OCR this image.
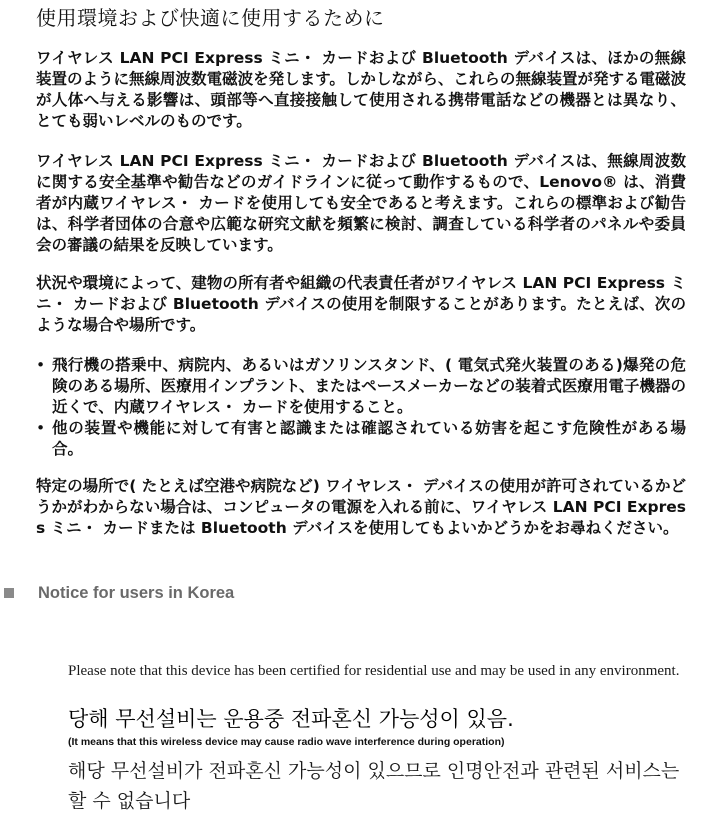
使用環境および快適に使用するために
ワイヤレス LAN PCI Express ミニ・ カードおよび Bluetooth デバイスは、ほかの無線装置のように無線周波数電磁波を発します。しかしながら、これらの無線装置が発する電磁波が人体へ与える影響は、頭部等へ直接接触して使用される携帯電話などの機器とは異なり、とても弱いレベルのものです。
ワイヤレス LAN PCI Express ミニ・ カードおよび Bluetooth デバイスは、無線周波数に関する安全基準や勧告などのガイドラインに従って動作するもので、Lenovo® は、消費者が内蔵ワイヤレス・ カードを使用しても安全であると考えます。これらの標準および勧告は、科学者団体の合意や広範な研究文献を頻繁に検討、調査している科学者のパネルや委員会の審議の結果を反映しています。
状況や環境によって、建物の所有者や組織の代表責任者がワイヤレス LAN PCI Express ミニ・ カードおよび Bluetooth デバイスの使用を制限することがあります。たとえば、次のような場合や場所です。
• 飛行機の搭乗中、病院内、あるいはガソリンスタンド、( 電気式発火装置のある)爆発の危険のある場所、医療用インプラント、またはペースメーカーなどの装着式医療用電子機器の近くで、内蔵ワイヤレス・ カードを使用すること。
• 他の装置や機能に対して有害と認識または確認されている妨害を起こす危険性がある場合。
特定の場所で( たとえば空港や病院など) ワイヤレス・ デバイスの使用が許可されているかどうかがわからない場合は、コンピュータの電源を入れる前に、ワイヤレス LAN PCI Express ミニ・ カードまたは Bluetooth デバイスを使用してもよいかどうかをお尋ねください。
Notice for users in Korea
Please note that this device has been certified for residential use and may be used in any environment.
당해 무선설비는 운용중 전파혼신 가능성이 있음.
(It means that this wireless device may cause radio wave interference during operation)
해당 무선설비가 전파혼신 가능성이 있으므로 인명안전과 관련된 서비스는 할 수 없습니다
